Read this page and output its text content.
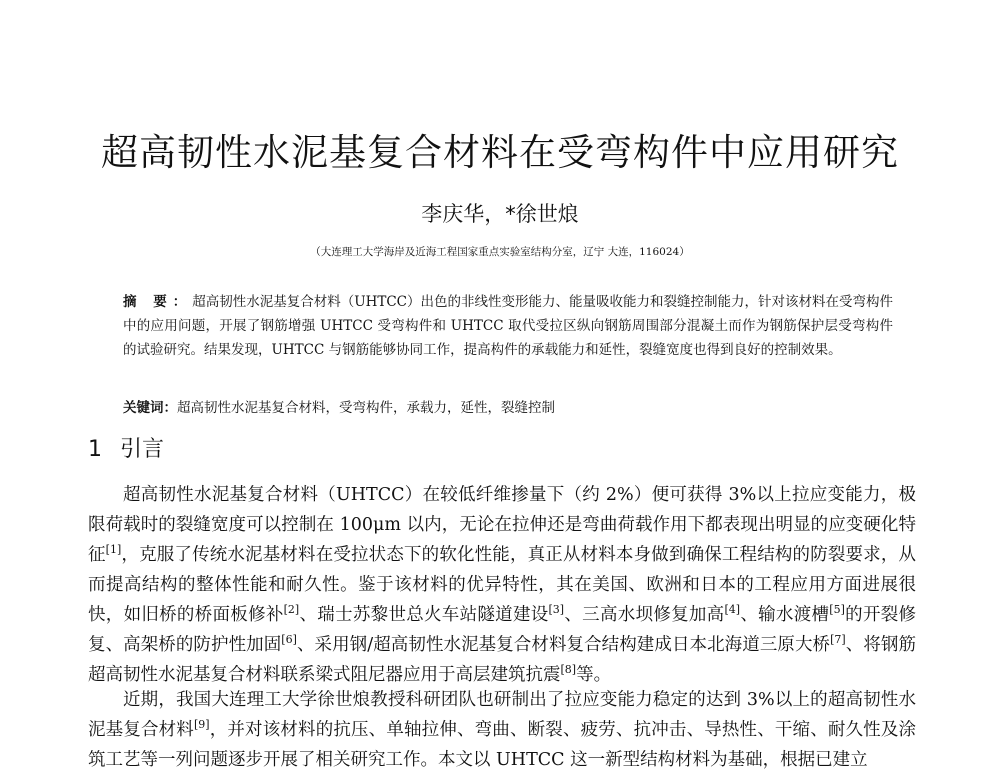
超高韧性水泥基复合材料在受弯构件中应用研究
李庆华，*徐世烺
（大连理工大学海岸及近海工程国家重点实验室结构分室，辽宁 大连，116024）
摘 要：超高韧性水泥基复合材料（UHTCC）出色的非线性变形能力、能量吸收能力和裂缝控制能力，针对该材料在受弯构件中的应用问题，开展了钢筋增强 UHTCC 受弯构件和 UHTCC 取代受拉区纵向钢筋周围部分混凝土而作为钢筋保护层受弯构件的试验研究。结果发现，UHTCC 与钢筋能够协同工作，提高构件的承载能力和延性，裂缝宽度也得到良好的控制效果。
关键词：超高韧性水泥基复合材料，受弯构件，承载力，延性，裂缝控制
1 引言

超高韧性水泥基复合材料（UHTCC）在较低纤维掺量下（约 2%）便可获得 3%以上拉应变能力，极限荷载时的裂缝宽度可以控制在 100μm 以内，无论在拉伸还是弯曲荷载作用下都表现出明显的应变硬化特征[1]，克服了传统水泥基材料在受拉状态下的软化性能，真正从材料本身做到确保工程结构的防裂要求，从而提高结构的整体性能和耐久性。鉴于该材料的优异特性，其在美国、欧洲和日本的工程应用方面进展很快，如旧桥的桥面板修补[2]、瑞士苏黎世总火车站隧道建设[3]、三高水坝修复加高[4]、输水渡槽[5]的开裂修复、高架桥的防护性加固[6]、采用钢/超高韧性水泥基复合材料复合结构建成日本北海道三原大桥[7]、将钢筋超高韧性水泥基复合材料联系梁式阻尼器应用于高层建筑抗震[8]等。

近期，我国大连理工大学徐世烺教授科研团队也研制出了拉应变能力稳定的达到 3%以上的超高韧性水泥基复合材料[9]，并对该材料的抗压、单轴拉伸、弯曲、断裂、疲劳、抗冲击、导热性、干缩、耐久性及涂筑工艺等一列问题逐步开展了相关研究工作。本文以 UHTCC 这一新型结构材料为基础，根据已建立
